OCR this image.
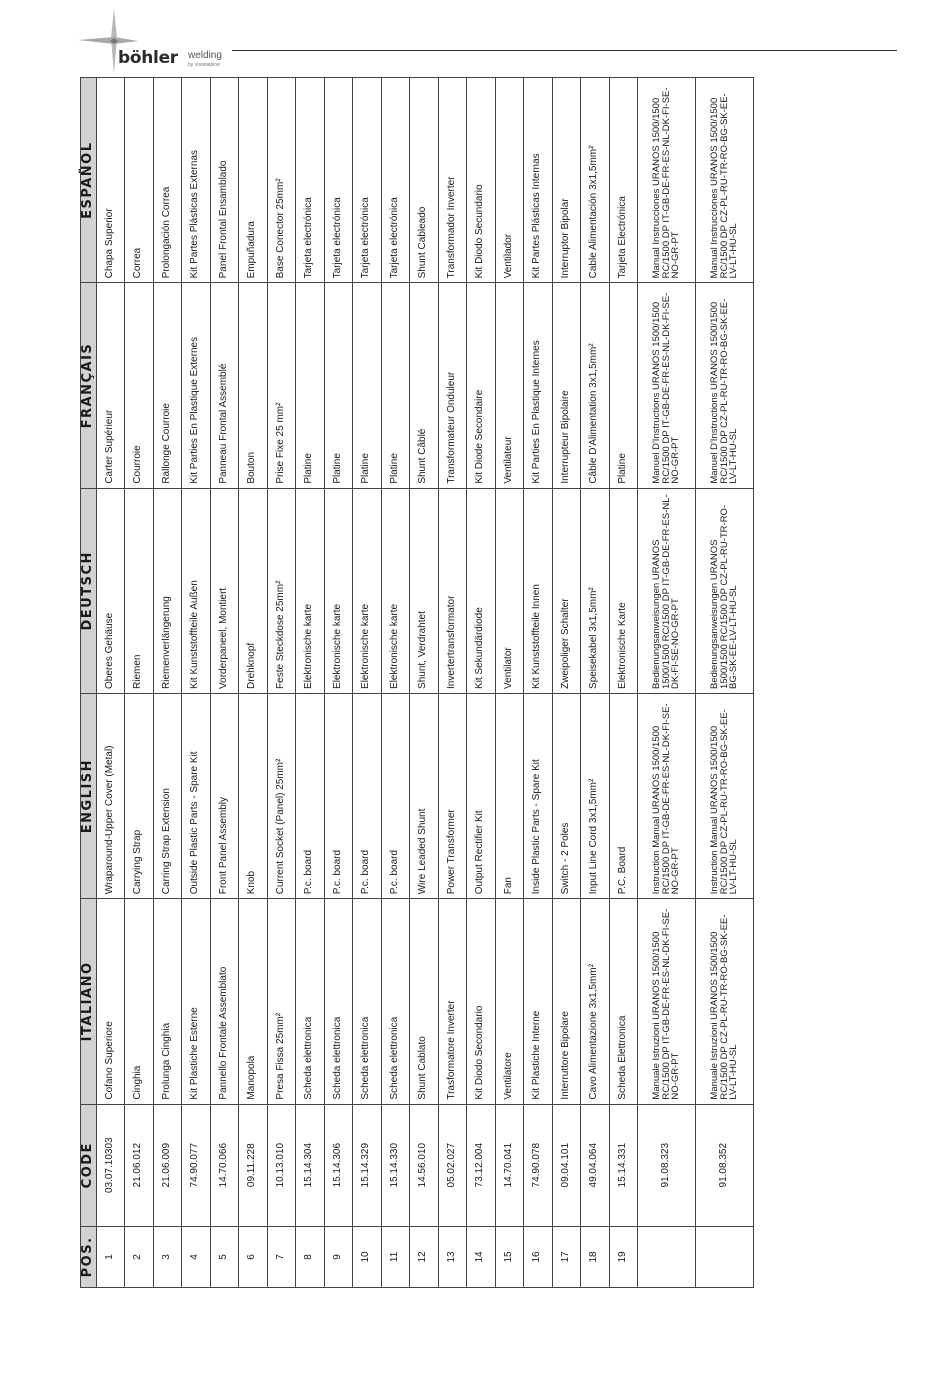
böhler welding
by voestalpine
POS.	CODE	ITALIANO	ENGLISH	DEUTSCH	FRANÇAIS	ESPAÑOL
1	03.07.10303	Cofano Superiore	Wraparound-Upper Cover (Metal)	Oberes Gehäuse	Carter Supérieur	Chapa Superior
2	21.06.012	Cinghia	Carrying Strap	Riemen	Courroie	Correa
3	21.06.009	Prolunga Cinghia	Carring Strap Extension	Riemenverlängerung	Rallonge Courroie	Prolongación Correa
4	74.90.077	Kit Plastiche Esterne	Outside Plastic Parts - Spare Kit	Kit Kunststoffteile Außen	Kit Parties En Plastique Externes	Kit Partes Plásticas Externas
5	14.70.066	Pannello Frontale Assemblato	Front Panel Assembly	Vorderpaneel, Montiert	Panneau Frontal Assemblé	Panel Frontal Ensamblado
6	09.11.228	Manopola	Knob	Drehknopf	Bouton	Empuñadura
7	10.13.010	Presa Fissa 25mm²	Current Socket (Panel) 25mm²	Feste Steckdose 25mm²	Prise Fixe 25 mm²	Base Conector 25mm²
8	15.14.304	Scheda elettronica	P.c. board	Elektronische karte	Platine	Tarjeta electrónica
9	15.14.306	Scheda elettronica	P.c. board	Elektronische karte	Platine	Tarjeta electrónica
10	15.14.329	Scheda elettronica	P.c. board	Elektronische karte	Platine	Tarjeta electrónica
11	15.14.330	Scheda elettronica	P.c. board	Elektronische karte	Platine	Tarjeta electrónica
12	14.56.010	Shunt Cablato	Wire Leaded Shunt	Shunt, Verdrahtet	Shunt Câblé	Shunt Cableado
13	05.02.027	Trasformatore Inverter	Power Transformer	Invertertransformator	Transformateur Onduleur	Transformador Inverter
14	73.12.004	Kit Diodo Secondario	Output Rectifier Kit	Kit Sekundärdiode	Kit Diode Secondaire	Kit Diodo Secundario
15	14.70.041	Ventilatore	Fan	Ventilator	Ventilateur	Ventilador
16	74.90.078	Kit Plastiche Interne	Inside Plastic Parts - Spare Kit	Kit Kunststoffteile Innen	Kit Parties En Plastique Internes	Kit Partes Plásticas Internas
17	09.04.101	Interruttore Bipolare	Switch - 2 Poles	Zweipoliger Schalter	Interrupteur Bipolaire	Interruptor Bipolar
18	49.04.064	Cavo Alimentazione 3x1,5mm²	Input Line Cord 3x1,5mm²	Speisekabel 3x1,5mm²	Câble D'Alimentation 3x1,5mm²	Cable Alimentación 3x1,5mm²
19	15.14.331	Scheda Elettronica	P.C. Board	Elektronische Karte	Platine	Tarjeta Electrónica
	91.08.323	Manuale Istruzioni URANOS 1500/1500 RC/1500 DP IT-GB-DE-FR-ES-NL-DK-FI-SE-NO-GR-PT	Instruction Manual URANOS 1500/1500 RC/1500 DP IT-GB-DE-FR-ES-NL-DK-FI-SE-NO-GR-PT	Bedienungsanweisungen URANOS 1500/1500 RC/1500 DP IT-GB-DE-FR-ES-NL-DK-FI-SE-NO-GR-PT	Manuel D'Instructions URANOS 1500/1500 RC/1500 DP IT-GB-DE-FR-ES-NL-DK-FI-SE-NO-GR-PT	Manual Instrucciones URANOS 1500/1500 RC/1500 DP IT-GB-DE-FR-ES-NL-DK-FI-SE-NO-GR-PT
	91.08.352	Manuale Istruzioni URANOS 1500/1500 RC/1500 DP CZ-PL-RU-TR-RO-BG-SK-EE-LV-LT-HU-SL	Instruction Manual URANOS 1500/1500 RC/1500 DP CZ-PL-RU-TR-RO-BG-SK-EE-LV-LT-HU-SL	Bedienungsanweisungen URANOS 1500/1500 RC/1500 DP CZ-PL-RU-TR-RO-BG-SK-EE-LV-LT-HU-SL	Manuel D'Instructions URANOS 1500/1500 RC/1500 DP CZ-PL-RU-TR-RO-BG-SK-EE-LV-LT-HU-SL	Manual Instrucciones URANOS 1500/1500 RC/1500 DP CZ-PL-RU-TR-RO-BG-SK-EE-LV-LT-HU-SL
